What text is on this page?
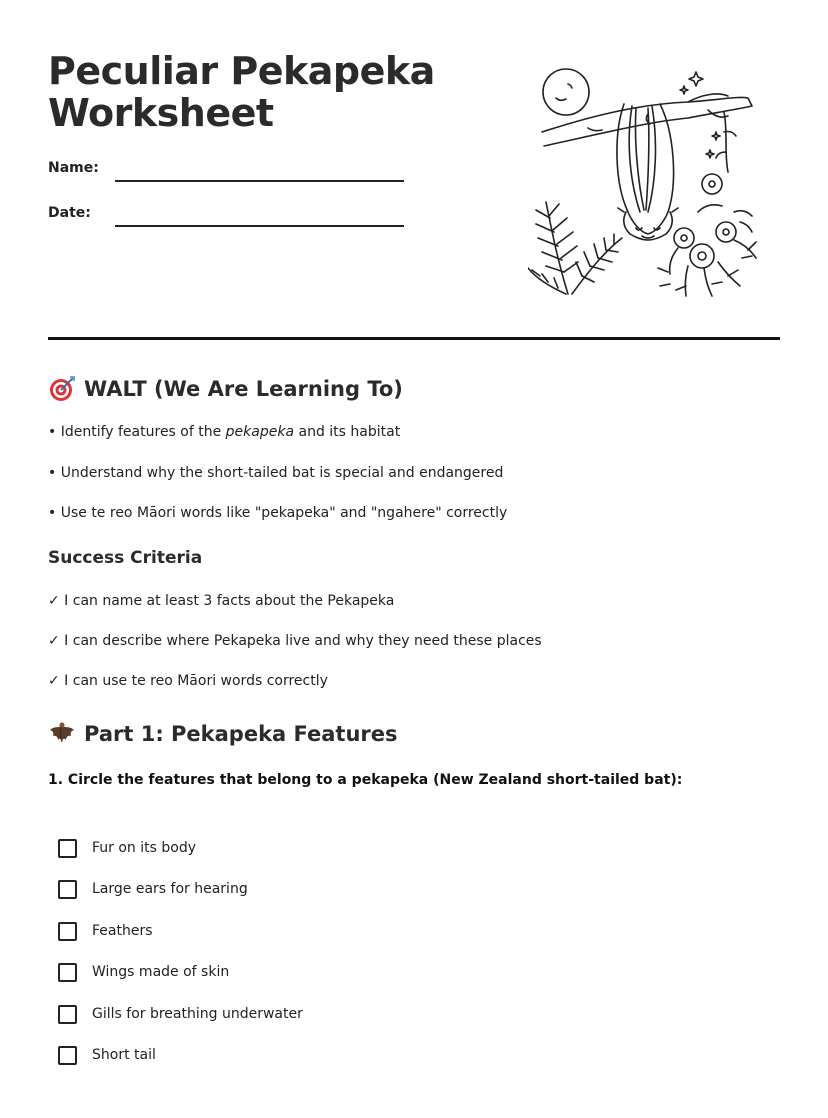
Peculiar Pekapeka Worksheet
Name:
Date:
WALT (We Are Learning To)
• Identify features of the pekapeka and its habitat
• Understand why the short-tailed bat is special and endangered
• Use te reo Māori words like "pekapeka" and "ngahere" correctly
Success Criteria
✓ I can name at least 3 facts about the Pekapeka
✓ I can describe where Pekapeka live and why they need these places
✓ I can use te reo Māori words correctly
Part 1: Pekapeka Features
1. Circle the features that belong to a pekapeka (New Zealand short-tailed bat):
Fur on its body
Large ears for hearing
Feathers
Wings made of skin
Gills for breathing underwater
Short tail
